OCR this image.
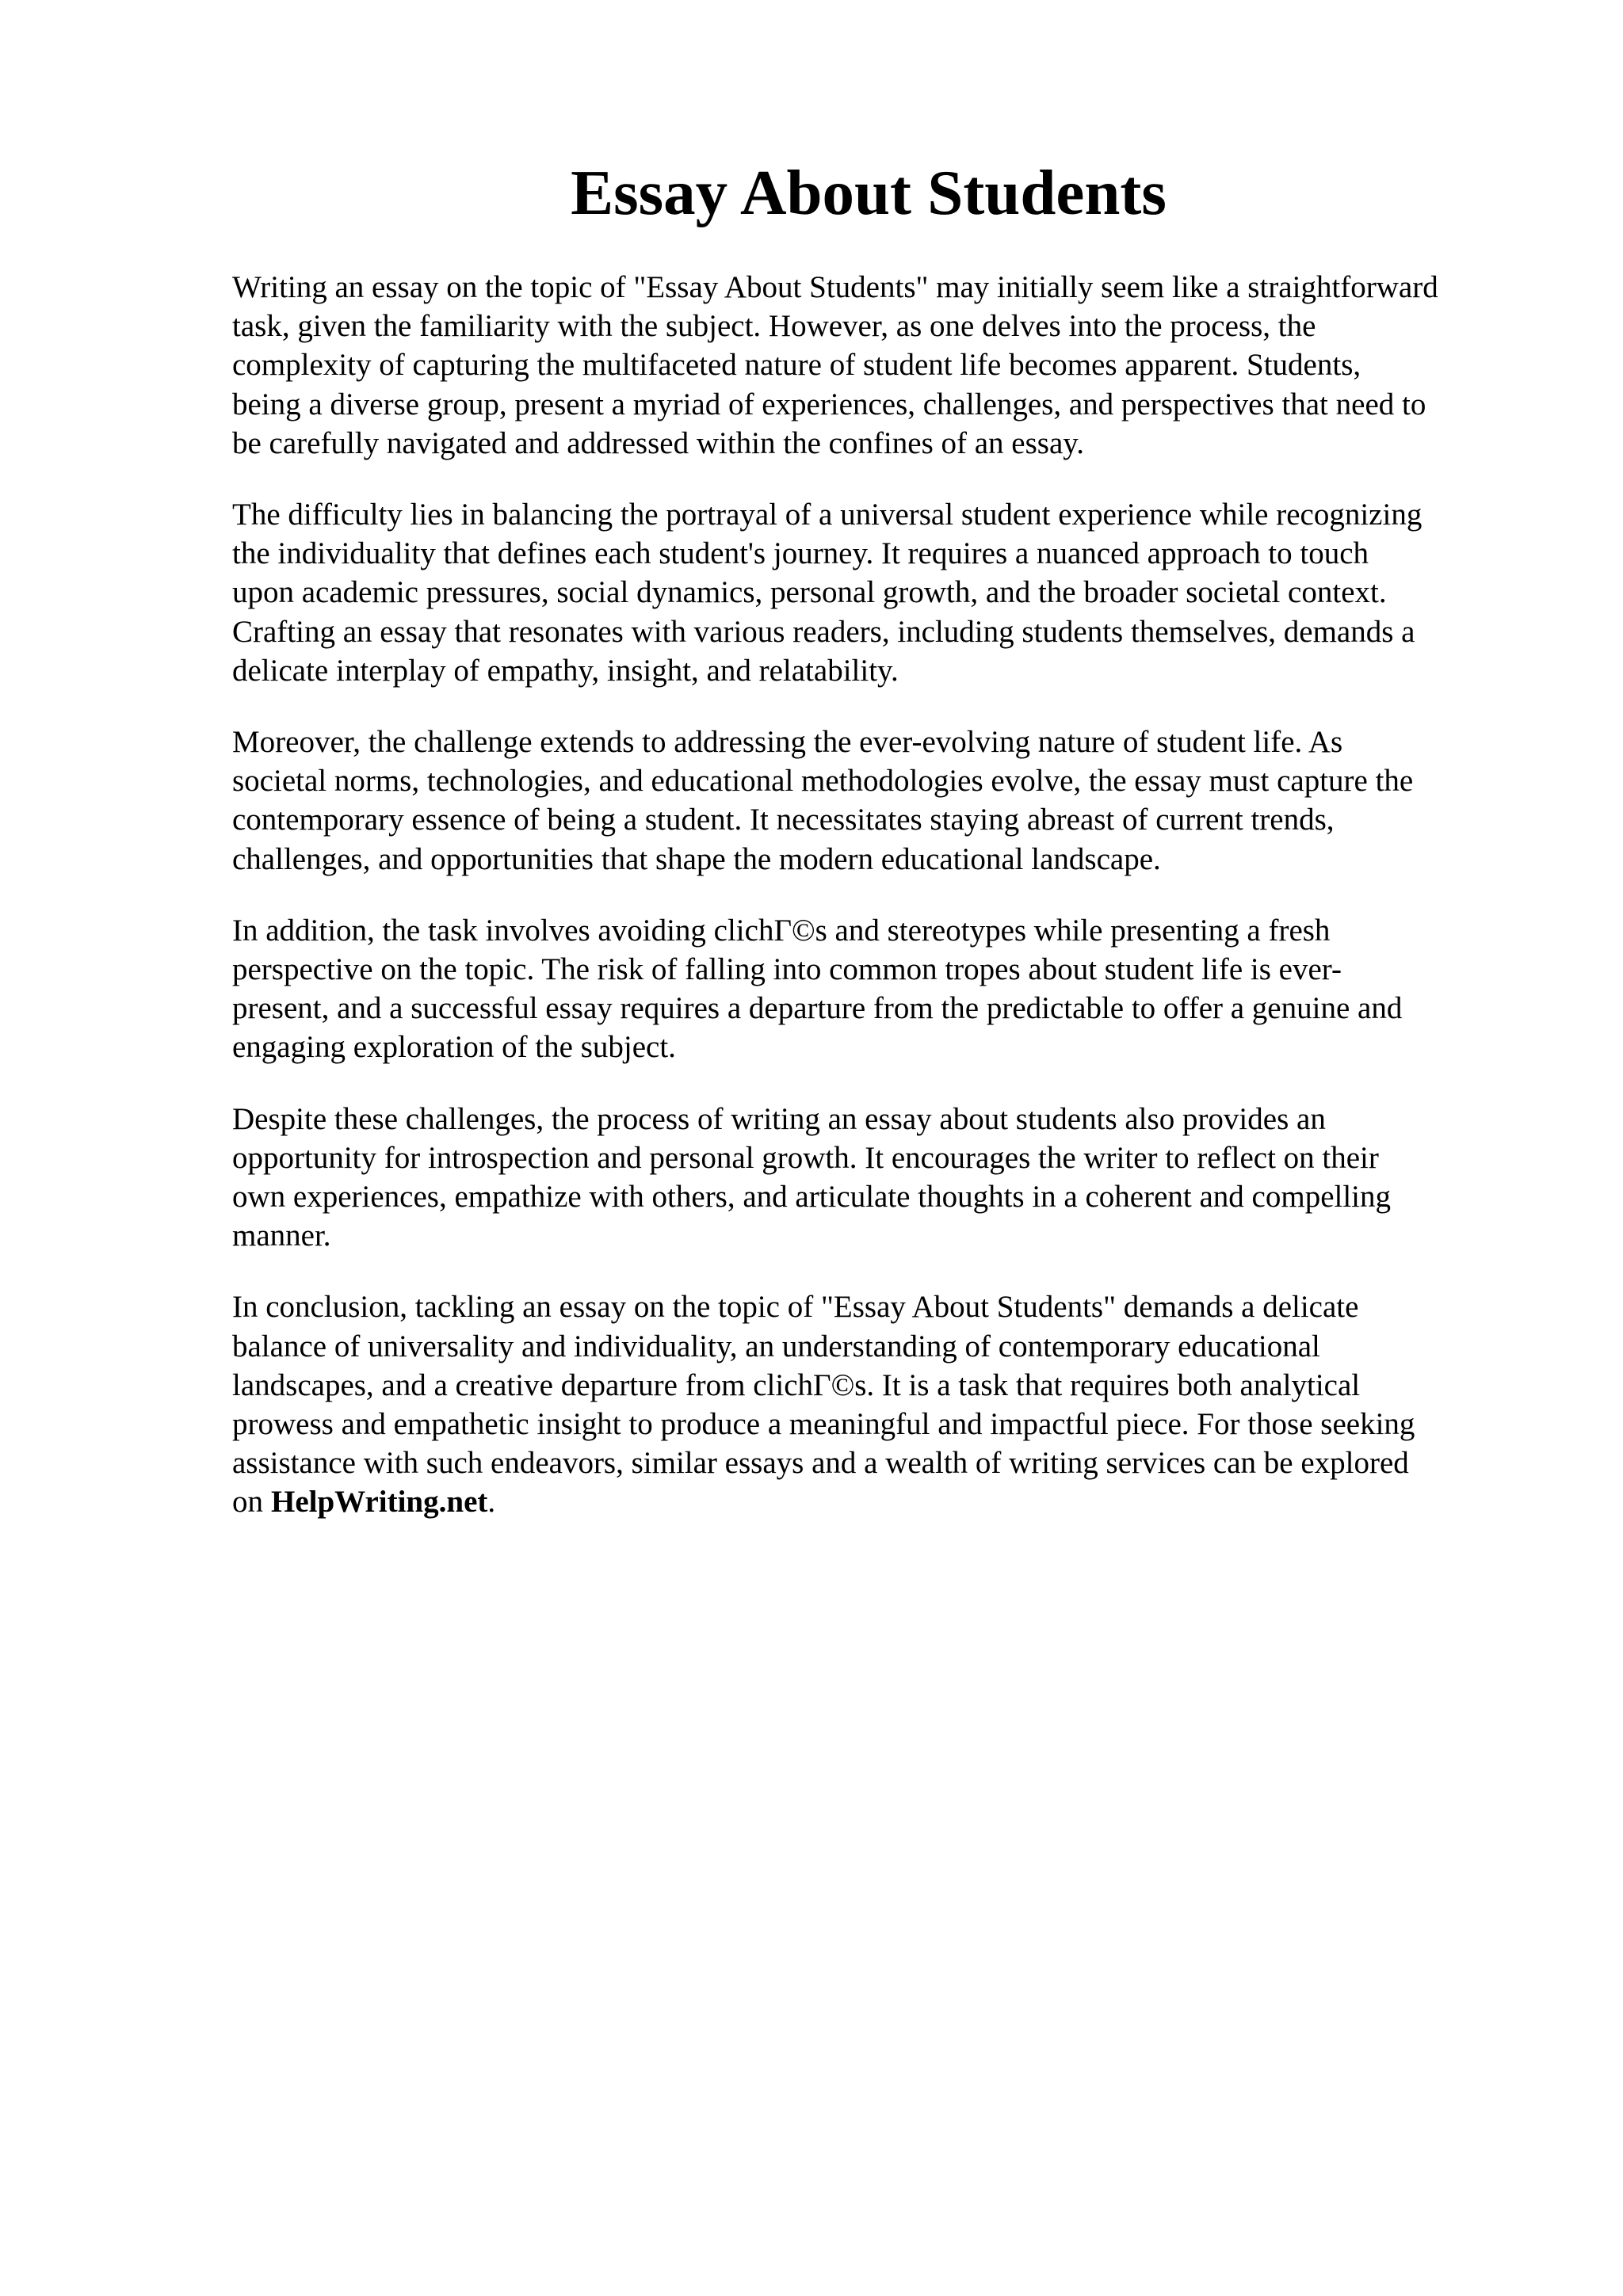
Essay About Students

Writing an essay on the topic of "Essay About Students" may initially seem like a straightforward
task, given the familiarity with the subject. However, as one delves into the process, the
complexity of capturing the multifaceted nature of student life becomes apparent. Students,
being a diverse group, present a myriad of experiences, challenges, and perspectives that need to
be carefully navigated and addressed within the confines of an essay.

The difficulty lies in balancing the portrayal of a universal student experience while recognizing
the individuality that defines each student's journey. It requires a nuanced approach to touch
upon academic pressures, social dynamics, personal growth, and the broader societal context.
Crafting an essay that resonates with various readers, including students themselves, demands a
delicate interplay of empathy, insight, and relatability.

Moreover, the challenge extends to addressing the ever-evolving nature of student life. As
societal norms, technologies, and educational methodologies evolve, the essay must capture the
contemporary essence of being a student. It necessitates staying abreast of current trends,
challenges, and opportunities that shape the modern educational landscape.

In addition, the task involves avoiding clichΓ©s and stereotypes while presenting a fresh
perspective on the topic. The risk of falling into common tropes about student life is ever-
present, and a successful essay requires a departure from the predictable to offer a genuine and
engaging exploration of the subject.

Despite these challenges, the process of writing an essay about students also provides an
opportunity for introspection and personal growth. It encourages the writer to reflect on their
own experiences, empathize with others, and articulate thoughts in a coherent and compelling
manner.

In conclusion, tackling an essay on the topic of "Essay About Students" demands a delicate
balance of universality and individuality, an understanding of contemporary educational
landscapes, and a creative departure from clichΓ©s. It is a task that requires both analytical
prowess and empathetic insight to produce a meaningful and impactful piece. For those seeking
assistance with such endeavors, similar essays and a wealth of writing services can be explored
on HelpWriting.net.
